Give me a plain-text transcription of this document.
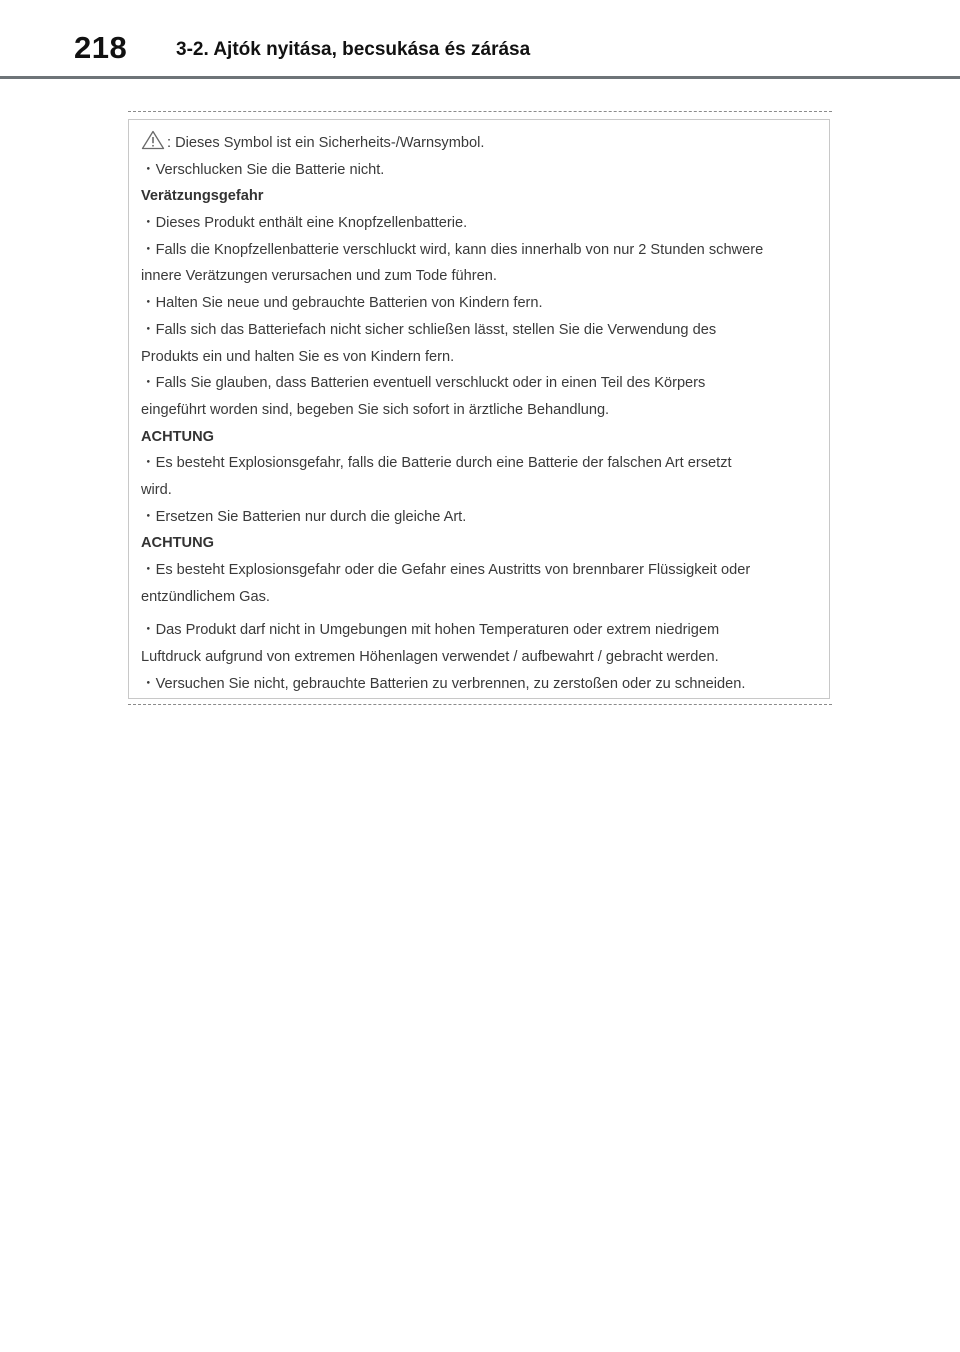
218	3-2. Ajtók nyitása, becsukása és zárása
: Dieses Symbol ist ein Sicherheits-/Warnsymbol.
・Verschlucken Sie die Batterie nicht.
Verätzungsgefahr
・Dieses Produkt enthält eine Knopfzellenbatterie.
・Falls die Knopfzellenbatterie verschluckt wird, kann dies innerhalb von nur 2 Stunden schwere
innere Verätzungen verursachen und zum Tode führen.
・Halten Sie neue und gebrauchte Batterien von Kindern fern.
・Falls sich das Batteriefach nicht sicher schließen lässt, stellen Sie die Verwendung des
Produkts ein und halten Sie es von Kindern fern.
・Falls Sie glauben, dass Batterien eventuell verschluckt oder in einen Teil des Körpers
eingeführt worden sind, begeben Sie sich sofort in ärztliche Behandlung.
ACHTUNG
・Es besteht Explosionsgefahr, falls die Batterie durch eine Batterie der falschen Art ersetzt
wird.
・Ersetzen Sie Batterien nur durch die gleiche Art.
ACHTUNG
・Es besteht Explosionsgefahr oder die Gefahr eines Austritts von brennbarer Flüssigkeit oder
entzündlichem Gas.
・Das Produkt darf nicht in Umgebungen mit hohen Temperaturen oder extrem niedrigem
Luftdruck aufgrund von extremen Höhenlagen verwendet / aufbewahrt / gebracht werden.
・Versuchen Sie nicht, gebrauchte Batterien zu verbrennen, zu zerstoßen oder zu schneiden.
